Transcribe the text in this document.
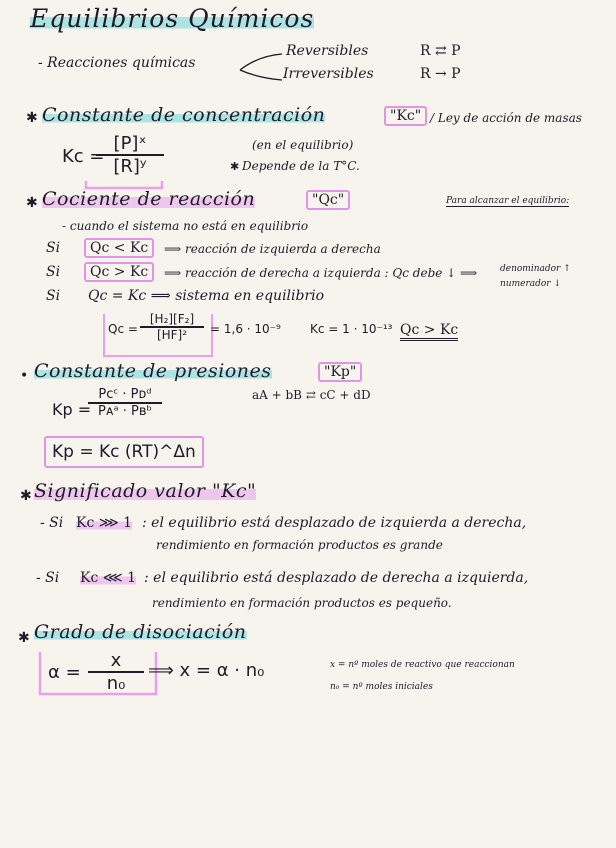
Equilibrios Químicos
- Reacciones químicas
Reversibles	R ⇄ P
Irreversibles	R → P
✱ Constante de concentración	"Kc" / Ley de acción de masas
Kc =
$\frac{\text{[P]ˣ}}{\text{[R]ʸ}}$	(en el equilibrio)
✱ Depende de la T°C.
✱ Cociente de reacción	"Qc"	Para alcanzar el equilibrio:
- cuando el sistema no está en equilibrio
Si	Qc < Kc	⟹ reacción de izquierda a derecha
Si	Qc > Kc	⟹ reacción de derecha a izquierda : Qc debe ↓ ⟹	denominador ↑
numerador ↓
Si Qc = Kc ⟹ sistema en equilibrio
$Qc = \frac{\text{[H₂][F₂]}}{\text{[HF]²}} = 1,6 \cdot 10^{-9}$ Kc = 1 · 10⁻¹³ Qc > Kc
• Constante de presiones	"Kp"
Kp =
Pcᶜ · Pᴅᵈ
Pᴀᵃ · Pʙᵇ
aA + bB ⇄ cC + dD
Kp = Kc (RT)^Δn
✱ Significado valor "Kc"
- Si Kc ⋙ 1 : el equilibrio está desplazado de izquierda a derecha,
rendimiento en formación productos es grande
- Si Kc ⋘ 1 : el equilibrio está desplazado de derecha a izquierda,
rendimiento en formación productos es pequeño.
✱ Grado de disociación
$\alpha = \frac{x}{\text{n₀}}$ ⟹ x = α · n₀	x = nº moles de reactivo que reaccionan
n₀ = nº moles iniciales
